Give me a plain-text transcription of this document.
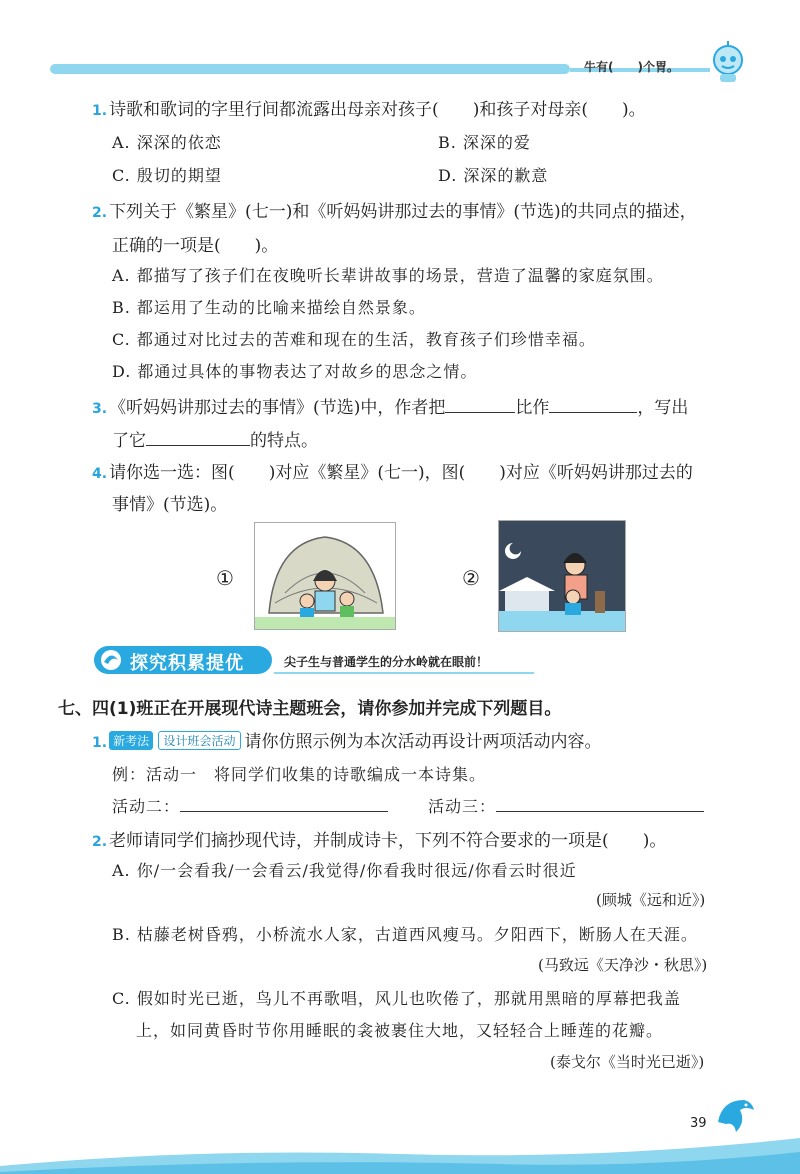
牛有(　　)个胃。
1. 诗歌和歌词的字里行间都流露出母亲对孩子(　　)和孩子对母亲(　　)。
A. 深深的依恋	B. 深深的爱
C. 殷切的期望	D. 深深的歉意
2. 下列关于《繁星》(七一)和《听妈妈讲那过去的事情》(节选)的共同点的描述，
正确的一项是(　　)。
A. 都描写了孩子们在夜晚听长辈讲故事的场景，营造了温馨的家庭氛围。
B. 都运用了生动的比喻来描绘自然景象。
C. 都通过对比过去的苦难和现在的生活，教育孩子们珍惜幸福。
D. 都通过具体的事物表达了对故乡的思念之情。
3. 《听妈妈讲那过去的事情》(节选)中，作者把	比作	，写出
了它	的特点。
4. 请你选一选：图(　　)对应《繁星》(七一)，图(　　)对应《听妈妈讲那过去的
事情》(节选)。
①	②
探究积累提优	尖子生与普通学生的分水岭就在眼前！
七、四(1)班正在开展现代诗主题班会，请你参加并完成下列题目。
1. 新考法 设计班会活动 请你仿照示例为本次活动再设计两项活动内容。
例：活动一　将同学们收集的诗歌编成一本诗集。
活动二：	活动三：
2. 老师请同学们摘抄现代诗，并制成诗卡，下列不符合要求的一项是(　　)。
A. 你/一会看我/一会看云/我觉得/你看我时很远/你看云时很近
(顾城《远和近》)
B. 枯藤老树昏鸦，小桥流水人家，古道西风瘦马。夕阳西下，断肠人在天涯。
(马致远《天净沙・秋思》)
C. 假如时光已逝，鸟儿不再歌唱，风儿也吹倦了，那就用黑暗的厚幕把我盖
上，如同黄昏时节你用睡眠的衾被裹住大地，又轻轻合上睡莲的花瓣。
(泰戈尔《当时光已逝》)
39
